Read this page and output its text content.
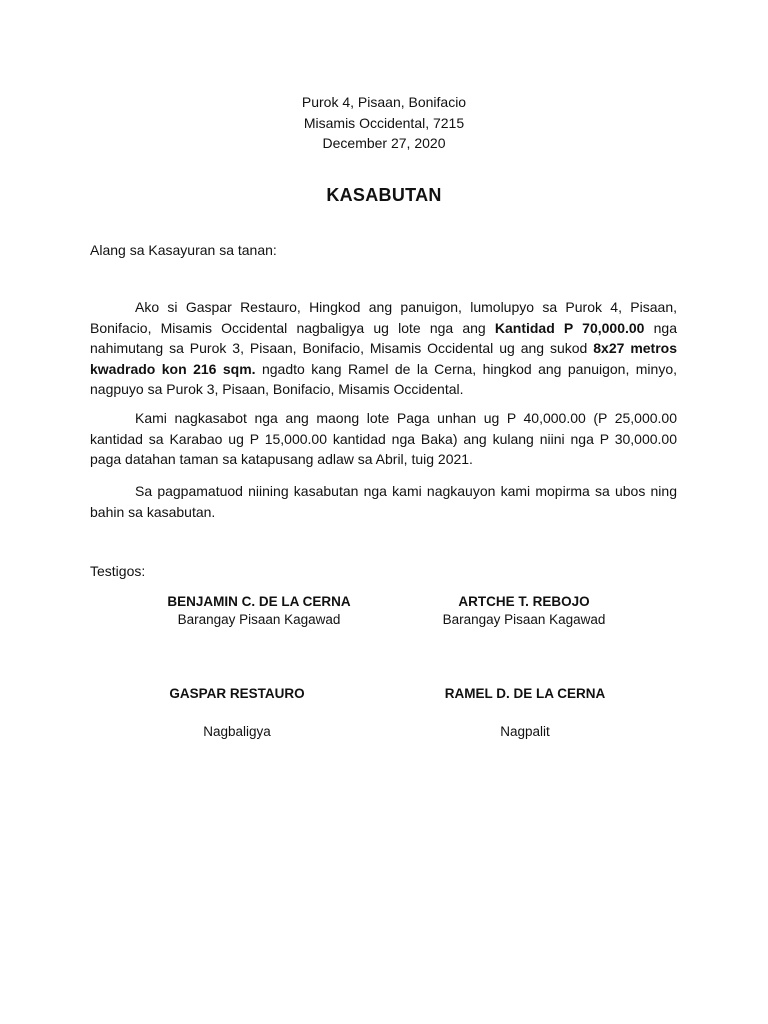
Purok 4, Pisaan, Bonifacio
Misamis Occidental, 7215
December 27, 2020
KASABUTAN
Alang sa Kasayuran sa tanan:

Ako si Gaspar Restauro, Hingkod ang panuigon, lumolupyo sa Purok 4, Pisaan, Bonifacio, Misamis Occidental nagbaligya ug lote nga ang Kantidad P 70,000.00 nga nahimutang sa Purok 3, Pisaan, Bonifacio, Misamis Occidental ug ang sukod 8x27 metros kwadrado kon 216 sqm. ngadto kang Ramel de la Cerna, hingkod ang panuigon, minyo, nagpuyo sa Purok 3, Pisaan, Bonifacio, Misamis Occidental.

Kami nagkasabot nga ang maong lote Paga unhan ug P 40,000.00 (P 25,000.00 kantidad sa Karabao ug P 15,000.00 kantidad nga Baka) ang kulang niini nga P 30,000.00 paga datahan taman sa katapusang adlaw sa Abril, tuig 2021.

Sa pagpamatuod niining kasabutan nga kami nagkauyon kami mopirma sa ubos ning bahin sa kasabutan.

Testigos:
BENJAMIN C. DE LA CERNA
Barangay Pisaan Kagawad
ARTCHE T. REBOJO
Barangay Pisaan Kagawad
GASPAR RESTAURO
Nagbaligya
RAMEL D. DE LA CERNA
Nagpalit
